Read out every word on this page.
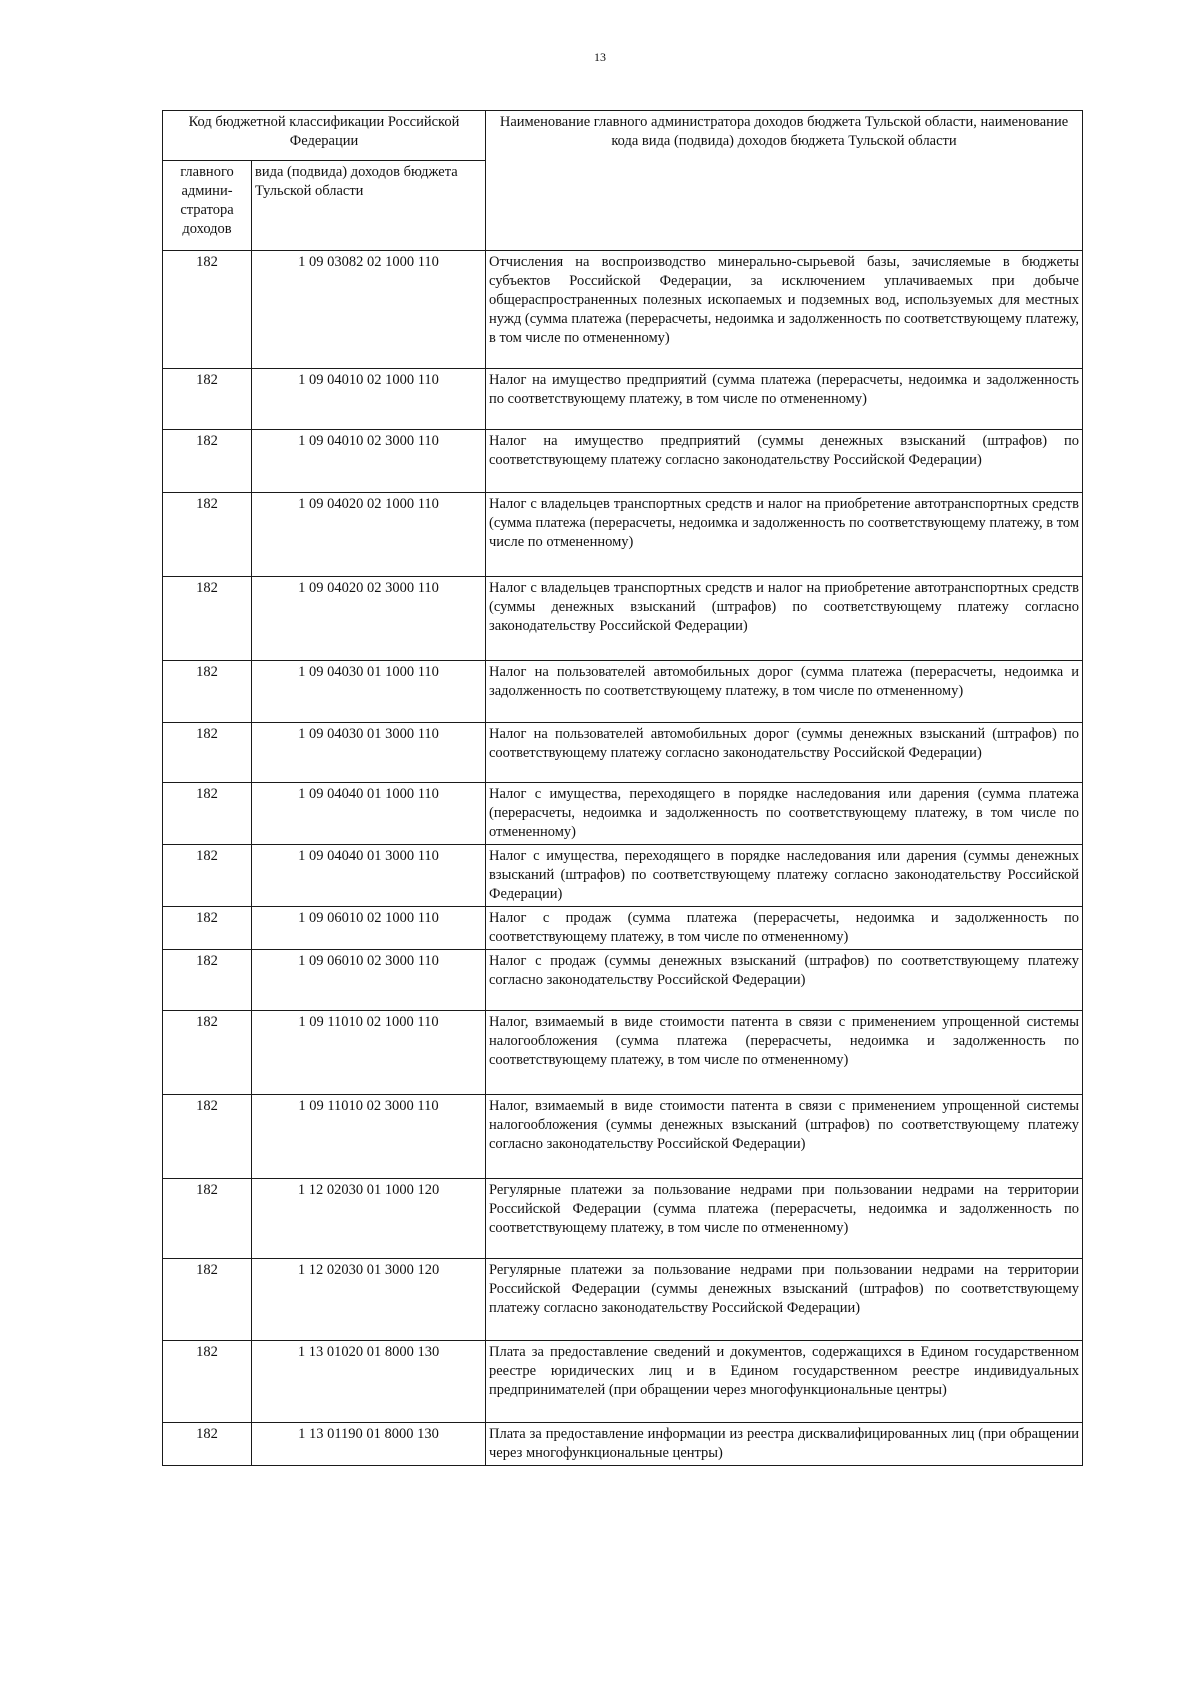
13
Код бюджетной классификации Российской Федерации		Наименование главного администратора доходов бюджета Тульской области, наименование кода вида (подвида) доходов бюджета Тульской области
главного админи-стратора доходов	вида (подвида) доходов бюджета Тульской области	
182	1 09 03082 02 1000 110	Отчисления на воспроизводство минерально-сырьевой базы, зачисляемые в бюджеты субъектов Российской Федерации, за исключением уплачиваемых при добыче общераспространенных полезных ископаемых и подземных вод, используемых для местных нужд (сумма платежа (перерасчеты, недоимка и задолженность по соответствующему платежу, в том числе по отмененному)
182	1 09 04010 02 1000 110	Налог на имущество предприятий (сумма платежа (перерасчеты, недоимка и задолженность по соответствующему платежу, в том числе по отмененному)
182	1 09 04010 02 3000 110	Налог на имущество предприятий (суммы денежных взысканий (штрафов) по соответствующему платежу согласно законодательству Российской Федерации)
182	1 09 04020 02 1000 110	Налог с владельцев транспортных средств и налог на приобретение автотранспортных средств (сумма платежа (перерасчеты, недоимка и задолженность по соответствующему платежу, в том числе по отмененному)
182	1 09 04020 02 3000 110	Налог с владельцев транспортных средств и налог на приобретение автотранспортных средств (суммы денежных взысканий (штрафов) по соответствующему платежу согласно законодательству Российской Федерации)
182	1 09 04030 01 1000 110	Налог на пользователей автомобильных дорог (сумма платежа (перерасчеты, недоимка и задолженность по соответствующему платежу, в том числе по отмененному)
182	1 09 04030 01 3000 110	Налог на пользователей автомобильных дорог (суммы денежных взысканий (штрафов) по соответствующему платежу согласно законодательству Российской Федерации)
182	1 09 04040 01 1000 110	Налог с имущества, переходящего в порядке наследования или дарения (сумма платежа (перерасчеты, недоимка и задолженность по соответствующему платежу, в том числе по отмененному)
182	1 09 04040 01 3000 110	Налог с имущества, переходящего в порядке наследования или дарения (суммы денежных взысканий (штрафов) по соответствующему платежу согласно законодательству Российской Федерации)
182	1 09 06010 02 1000 110	Налог с продаж (сумма платежа (перерасчеты, недоимка и задолженность по соответствующему платежу, в том числе по отмененному)
182	1 09 06010 02 3000 110	Налог с продаж (суммы денежных взысканий (штрафов) по соответствующему платежу согласно законодательству Российской Федерации)
182	1 09 11010 02 1000 110	Налог, взимаемый в виде стоимости патента в связи с применением упрощенной системы налогообложения (сумма платежа (перерасчеты, недоимка и задолженность по соответствующему платежу, в том числе по отмененному)
182	1 09 11010 02 3000 110	Налог, взимаемый в виде стоимости патента в связи с применением упрощенной системы налогообложения (суммы денежных взысканий (штрафов) по соответствующему платежу согласно законодательству Российской Федерации)
182	1 12 02030 01 1000 120	Регулярные платежи за пользование недрами при пользовании недрами на территории Российской Федерации (сумма платежа (перерасчеты, недоимка и задолженность по соответствующему платежу, в том числе по отмененному)
182	1 12 02030 01 3000 120	Регулярные платежи за пользование недрами при пользовании недрами на территории Российской Федерации (суммы денежных взысканий (штрафов) по соответствующему платежу согласно законодательству Российской Федерации)
182	1 13 01020 01 8000 130	Плата за предоставление сведений и документов, содержащихся в Едином государственном реестре юридических лиц и в Едином государственном реестре индивидуальных предпринимателей (при обращении через многофункциональные центры)
182	1 13 01190 01 8000 130	Плата за предоставление информации из реестра дисквалифицированных лиц (при обращении через многофункциональные центры)
